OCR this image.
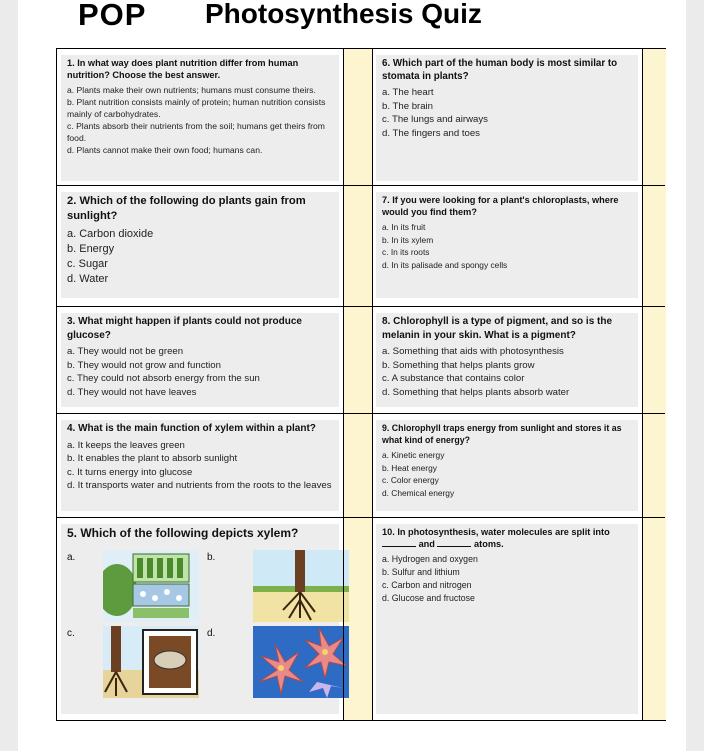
POP Photosynthesis Quiz
1. In what way does plant nutrition differ from human nutrition? Choose the best answer.
a. Plants make their own nutrients; humans must consume theirs.
b. Plant nutrition consists mainly of protein; human nutrition consists mainly of carbohydrates.
c. Plants absorb their nutrients from the soil; humans get theirs from food.
d. Plants cannot make their own food; humans can.
2. Which of the following do plants gain from sunlight?
a. Carbon dioxide
b. Energy
c. Sugar
d. Water
3. What might happen if plants could not produce glucose?
a. They would not be green
b. They would not grow and function
c. They could not absorb energy from the sun
d. They would not have leaves
4. What is the main function of xylem within a plant?
a. It keeps the leaves green
b. It enables the plant to absorb sunlight
c. It turns energy into glucose
d. It transports water and nutrients from the roots to the leaves
5. Which of the following depicts xylem?
a.	b.
c.	d.
6. Which part of the human body is most similar to stomata in plants?
a. The heart
b. The brain
c. The lungs and airways
d. The fingers and toes
7. If you were looking for a plant's chloroplasts, where would you find them?
a. In its fruit
b. In its xylem
c. In its roots
d. In its palisade and spongy cells
8. Chlorophyll is a type of pigment, and so is the melanin in your skin. What is a pigment?
a. Something that aids with photosynthesis
b. Something that helps plants grow
c. A substance that contains color
d. Something that helps plants absorb water
9. Chlorophyll traps energy from sunlight and stores it as what kind of energy?
a. Kinetic energy
b. Heat energy
c. Color energy
d. Chemical energy
10. In photosynthesis, water molecules are split into
and	atoms.
a. Hydrogen and oxygen
b. Sulfur and lithium
c. Carbon and nitrogen
d. Glucose and fructose
